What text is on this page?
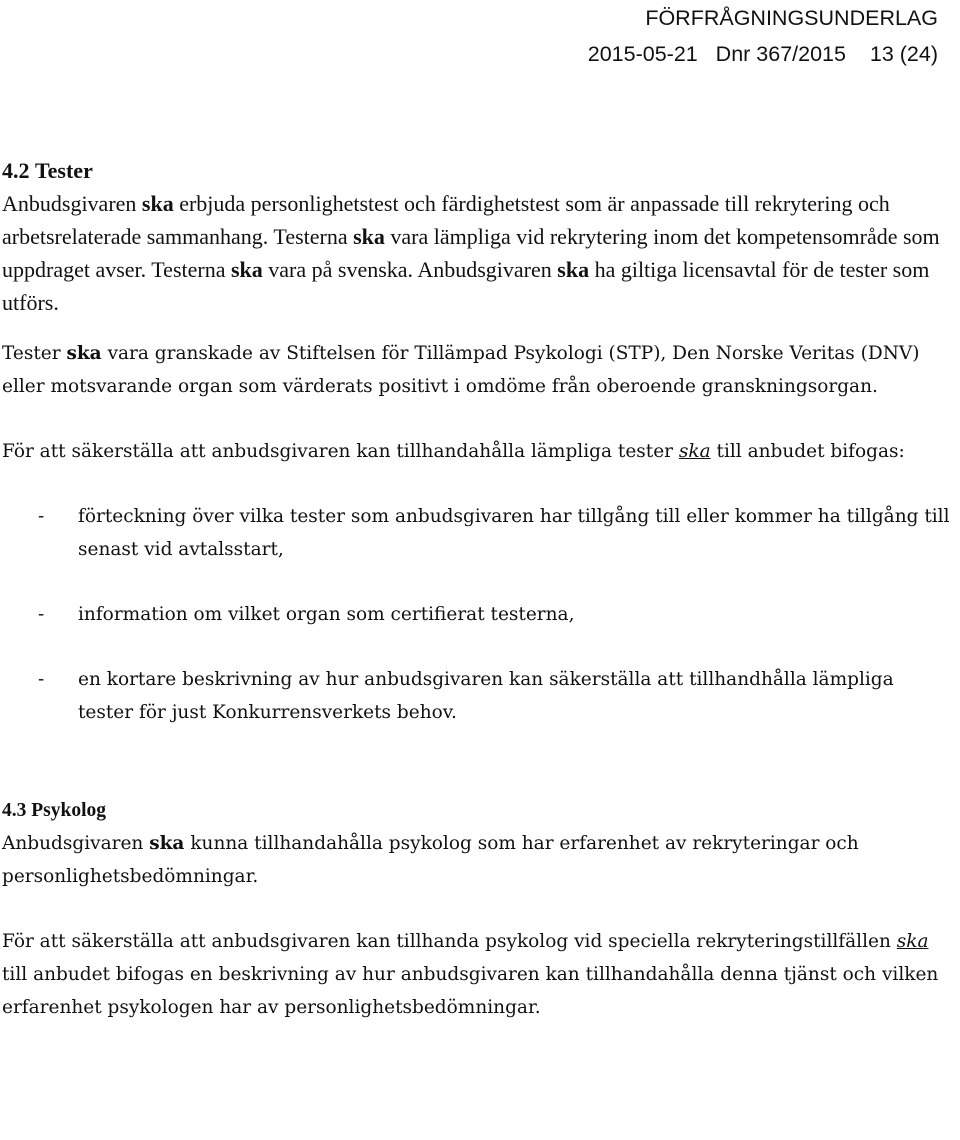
FÖRFRÅGNINGSUNDERLAG
2015-05-21 Dnr 367/2015 13 (24)
4.2 Tester

Anbudsgivaren ska erbjuda personlighetstest och färdighetstest som är anpassade till rekrytering och arbetsrelaterade sammanhang. Testerna ska vara lämpliga vid rekrytering inom det kompetensområde som uppdraget avser. Testerna ska vara på svenska. Anbudsgivaren ska ha giltiga licensavtal för de tester som utförs.

Tester ska vara granskade av Stiftelsen för Tillämpad Psykologi (STP), Den Norske Veritas (DNV) eller motsvarande organ som värderats positivt i omdöme från oberoende granskningsorgan.

För att säkerställa att anbudsgivaren kan tillhandahålla lämpliga tester ska till anbudet bifogas:

-	förteckning över vilka tester som anbudsgivaren har tillgång till eller kommer ha tillgång till senast vid avtalsstart,
-	information om vilket organ som certifierat testerna,
-	en kortare beskrivning av hur anbudsgivaren kan säkerställa att tillhandhålla lämpliga tester för just Konkurrensverkets behov.
4.3 Psykolog

Anbudsgivaren ska kunna tillhandahålla psykolog som har erfarenhet av rekryteringar och personlighetsbedömningar.

För att säkerställa att anbudsgivaren kan tillhanda psykolog vid speciella rekryteringstillfällen ska till anbudet bifogas en beskrivning av hur anbudsgivaren kan tillhandahålla denna tjänst och vilken erfarenhet psykologen har av personlighetsbedömningar.
